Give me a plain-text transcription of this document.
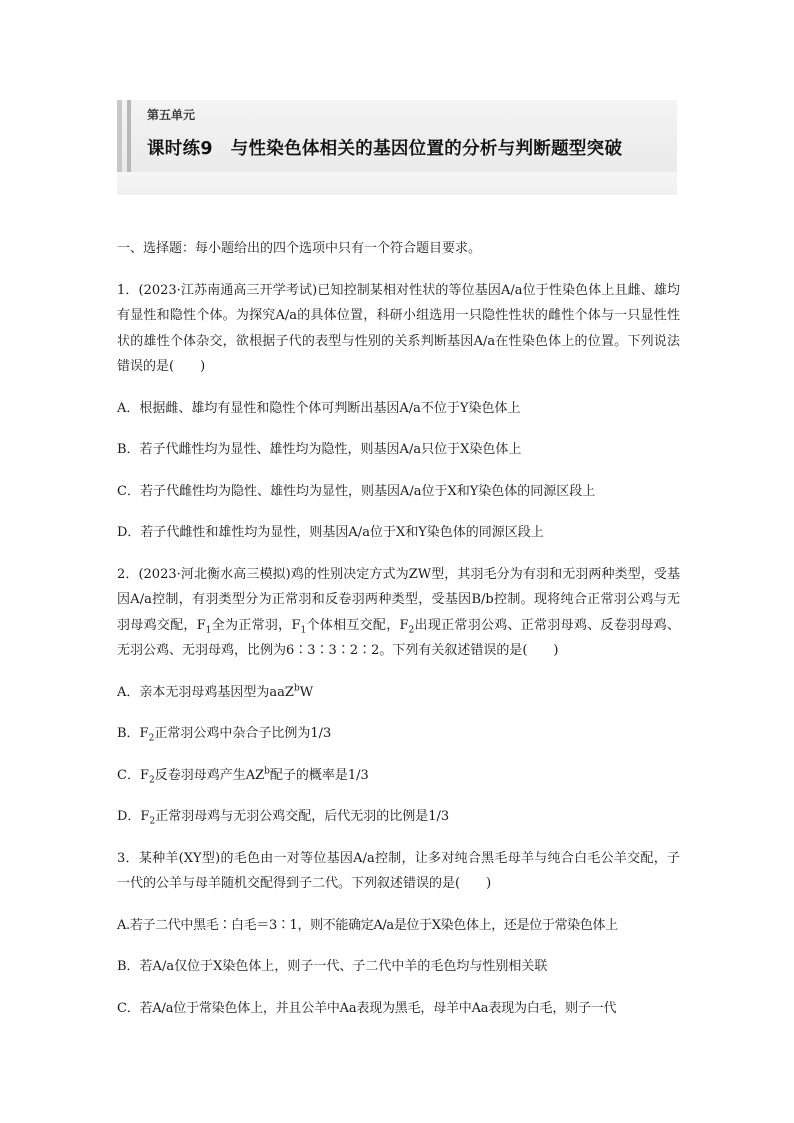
第五单元
课时练9　与性染色体相关的基因位置的分析与判断题型突破

一、选择题：每小题给出的四个选项中只有一个符合题目要求。

1．(2023·江苏南通高三开学考试)已知控制某相对性状的等位基因A/a位于性染色体上且雌、雄均有显性和隐性个体。为探究A/a的具体位置，科研小组选用一只隐性性状的雌性个体与一只显性性状的雄性个体杂交，欲根据子代的表型与性别的关系判断基因A/a在性染色体上的位置。下列说法错误的是(　　)

A．根据雌、雄均有显性和隐性个体可判断出基因A/a不位于Y染色体上

B．若子代雌性均为显性、雄性均为隐性，则基因A/a只位于X染色体上

C．若子代雌性均为隐性、雄性均为显性，则基因A/a位于X和Y染色体的同源区段上

D．若子代雌性和雄性均为显性，则基因A/a位于X和Y染色体的同源区段上

2．(2023·河北衡水高三模拟)鸡的性别决定方式为ZW型，其羽毛分为有羽和无羽两种类型，受基因A/a控制，有羽类型分为正常羽和反卷羽两种类型，受基因B/b控制。现将纯合正常羽公鸡与无羽母鸡交配，$F_1$全为正常羽，$F_1$个体相互交配，$F_2$出现正常羽公鸡、正常羽母鸡、反卷羽母鸡、无羽公鸡、无羽母鸡，比例为6∶3∶3∶2∶2。下列有关叙述错误的是(　　)

A．亲本无羽母鸡基因型为aaZ$^b$W

B．$F_2$正常羽公鸡中杂合子比例为1/3

C．$F_2$反卷羽母鸡产生$AZ^b$配子的概率是1/3

D．$F_2$正常羽母鸡与无羽公鸡交配，后代无羽的比例是1/3

3．某种羊(XY型)的毛色由一对等位基因A/a控制，让多对纯合黑毛母羊与纯合白毛公羊交配，子一代的公羊与母羊随机交配得到子二代。下列叙述错误的是(　　)

A.若子二代中黑毛∶白毛＝3∶1，则不能确定A/a是位于X染色体上，还是位于常染色体上

B．若A/a仅位于X染色体上，则子一代、子二代中羊的毛色均与性别相关联

C．若A/a位于常染色体上，并且公羊中Aa表现为黑毛，母羊中Aa表现为白毛，则子一代
